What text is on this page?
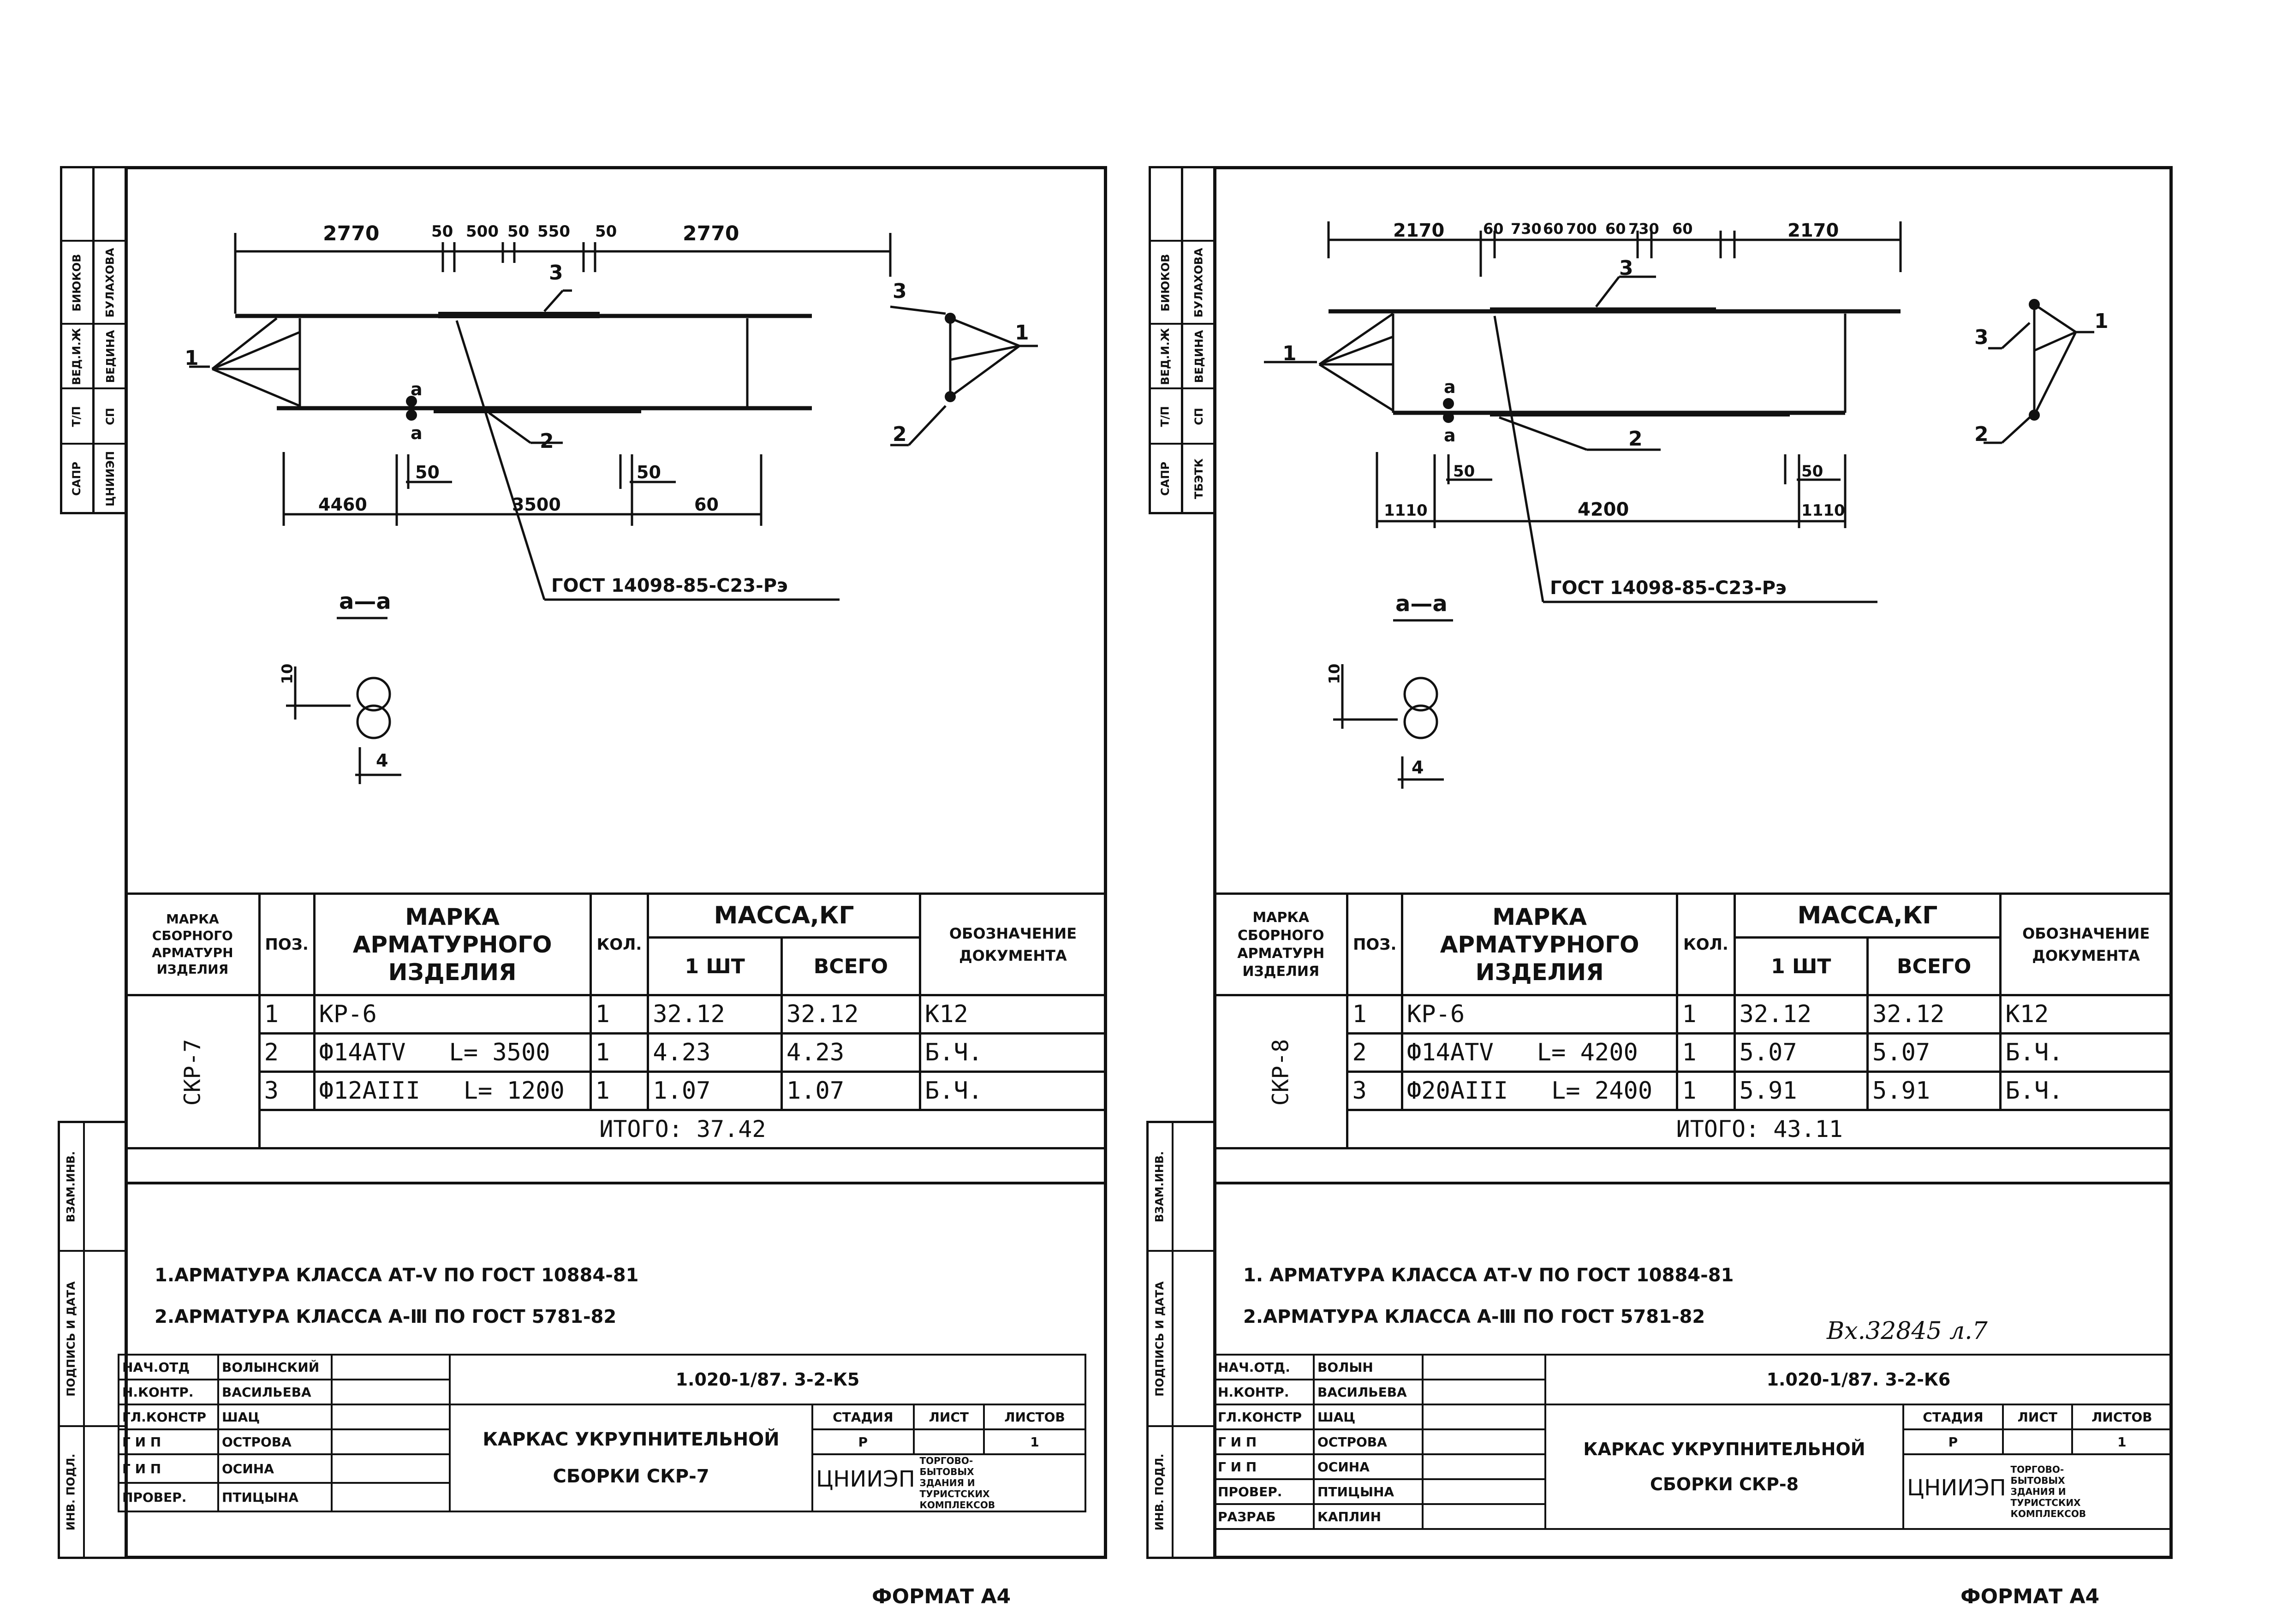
БИЮКОВ БУЛАХОВА
ВЕД.И.Ж ВЕДИНА
Т/П СП
САПР ЦНИИЭП
ВЗАМ.ИНВ.
ПОДПИСЬ И ДАТА
ИНВ. ПОДЛ.
2770	50 500 50 550 50	2770
3
2
1
a
a
3
2
1
4460
50
3500
50
60
ГОСТ 14098-85-С23-Рэ
а—а
10
4
МАРКА СБОРНОГО АРМАТУРН ИЗДЕЛИЯ	ПОЗ.	МАРКА АРМАТУРНОГО ИЗДЕЛИЯ	КОЛ.	МАССА,КГ		ОБОЗНАЧЕНИЕ ДОКУМЕНТА
				1 ШТ	ВСЕГО	
СКР-7	1	КР-6	1	32.12	32.12	К12
	2	Ф14АТV L= 3500	1	4.23	4.23	Б.Ч.
	3	Ф12АIII L= 1200	1	1.07	1.07	Б.Ч.
	ИТОГО: 37.42					
1.АРМАТУРА КЛАССА АТ-Ⅴ ПО ГОСТ 10884-81
2.АРМАТУРА КЛАССА А-Ⅲ ПО ГОСТ 5781-82
НАЧ.ОТД	ВОЛЫНСКИЙ		1.020-1/87. 3-2-К5			
Н.КОНТР.	ВАСИЛЬЕВА					
ГЛ.КОНСТР	ШАЦ		КАРКАС УКРУПНИТЕЛЬНОЙ
СБОРКИ СКР-7	СТАДИЯ	ЛИСТ	ЛИСТОВ
Г И П	ОСТРОВА			Р		1
Г И П	ОСИНА			ЦНИИЭП ТОРГОВО-БЫТОВЫХ ЗДАНИЯ И ТУРИСТСКИХ КОМПЛЕКСОВ		
ПРОВЕР.	ПТИЦЫНА					
ФОРМАТ А4
БИЮКОВ БУЛАХОВА
ВЕД.И.Ж ВЕДИНА
Т/П СП
САПР ТБЭТК
ВЗАМ.ИНВ.
ПОДПИСЬ И ДАТА
ИНВ. ПОДЛ.
2170	60 730 60 700 60 730 60	2170
3
2
1
a
a
3
2
1
1110
50
4200
50
1110
ГОСТ 14098-85-С23-Рэ
а—а
10
4
МАРКА СБОРНОГО АРМАТУРН ИЗДЕЛИЯ	ПОЗ.	МАРКА АРМАТУРНОГО ИЗДЕЛИЯ	КОЛ.	МАССА,КГ		ОБОЗНАЧЕНИЕ ДОКУМЕНТА
				1 ШТ	ВСЕГО	
СКР-8	1	КР-6	1	32.12	32.12	К12
	2	Ф14АТV L= 4200	1	5.07	5.07	Б.Ч.
	3	Ф20АIII L= 2400	1	5.91	5.91	Б.Ч.
	ИТОГО: 43.11					
1. АРМАТУРА КЛАССА АТ-Ⅴ ПО ГОСТ 10884-81
2.АРМАТУРА КЛАССА А-Ⅲ ПО ГОСТ 5781-82
Вх.32845 л.7
НАЧ.ОТД.	ВОЛЫН		1.020-1/87. 3-2-К6			
Н.КОНТР.	ВАСИЛЬЕВА					
ГЛ.КОНСТР	ШАЦ		КАРКАС УКРУПНИТЕЛЬНОЙ
СБОРКИ СКР-8	СТАДИЯ	ЛИСТ	ЛИСТОВ
Г И П	ОСТРОВА			Р		1
Г И П	ОСИНА			ЦНИИЭП ТОРГОВО-БЫТОВЫХ ЗДАНИЯ И ТУРИСТСКИХ КОМПЛЕКСОВ		
ПРОВЕР.	ПТИЦЫНА					
РАЗРАБ	КАПЛИН					
ФОРМАТ А4
